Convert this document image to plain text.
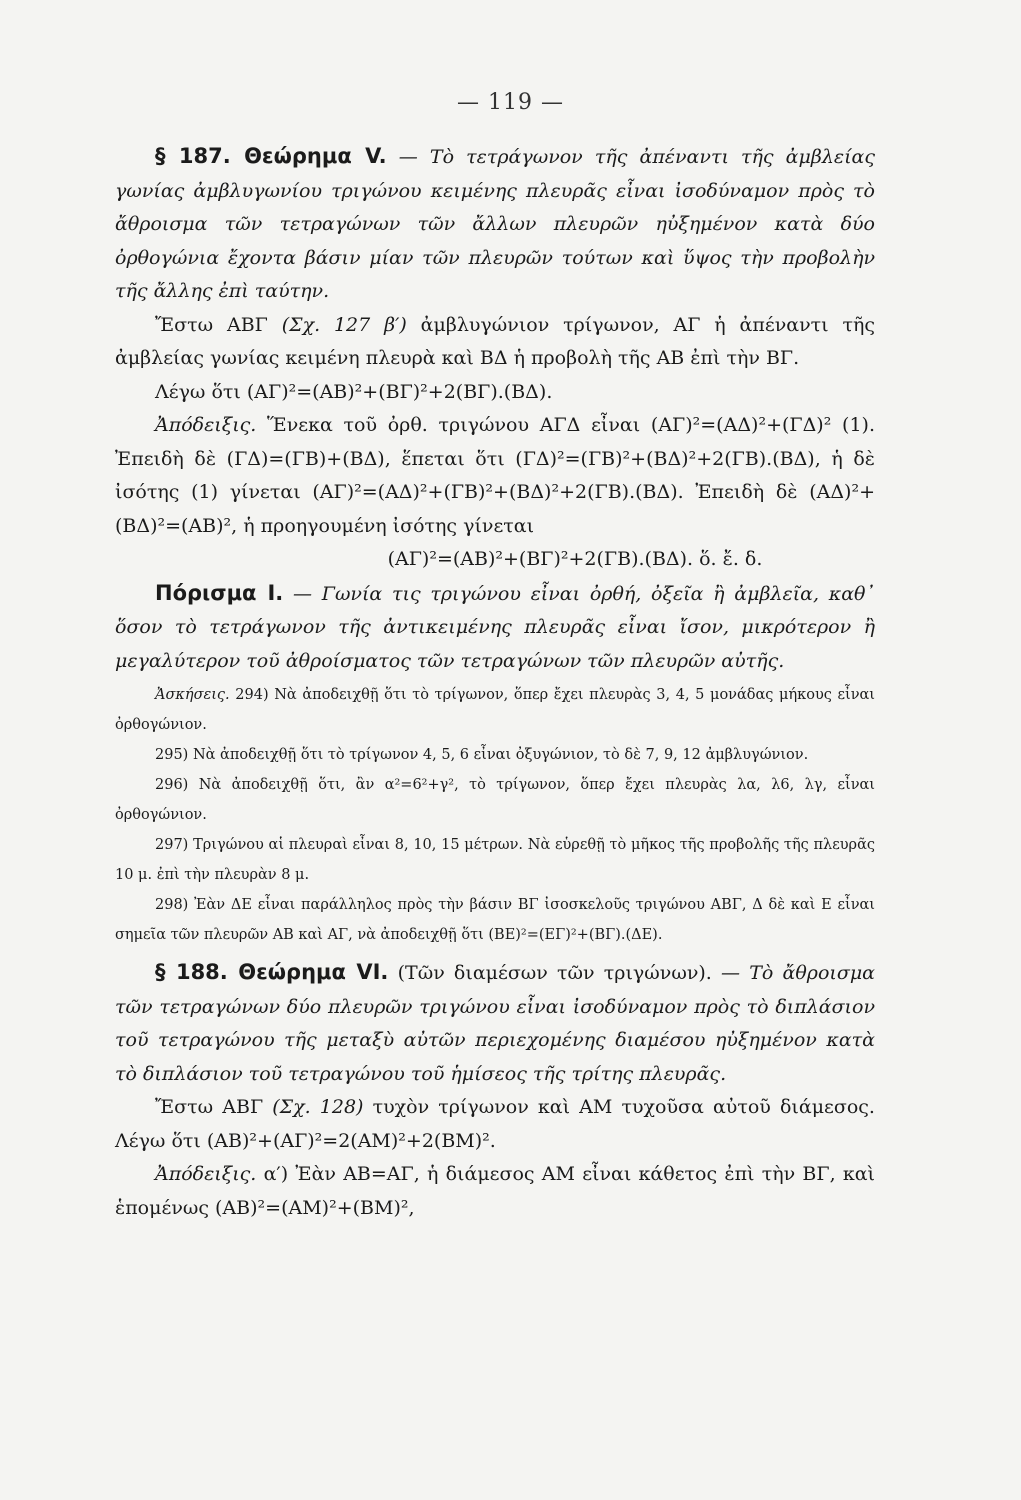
— 119 —

§ 187. Θεώρημα V. — Τὸ τετράγωνον τῆς ἀπέναντι τῆς ἀμβλείας γωνίας ἀμβλυγωνίου τριγώνου κειμένης πλευρᾶς εἶναι ἰσοδύναμον πρὸς τὸ ἄθροισμα τῶν τετραγώνων τῶν ἄλλων πλευρῶν ηὐξημένον κατὰ δύο ὀρθογώνια ἔχοντα βάσιν μίαν τῶν πλευρῶν τούτων καὶ ὕψος τὴν προβολὴν τῆς ἄλλης ἐπὶ ταύτην.

Ἔστω ΑΒΓ (Σχ. 127 β′) ἀμβλυγώνιον τρίγωνον, ΑΓ ἡ ἀπέναντι τῆς ἀμβλείας γωνίας κειμένη πλευρὰ καὶ ΒΔ ἡ προβολὴ τῆς ΑΒ ἐπὶ τὴν ΒΓ.

Λέγω ὅτι (ΑΓ)²=(ΑΒ)²+(ΒΓ)²+2(ΒΓ).(ΒΔ).

Ἀπόδειξις. Ἕνεκα τοῦ ὀρθ. τριγώνου ΑΓΔ εἶναι (ΑΓ)²=(ΑΔ)²+(ΓΔ)² (1). Ἐπειδὴ δὲ (ΓΔ)=(ΓΒ)+(ΒΔ), ἕπεται ὅτι (ΓΔ)²=(ΓΒ)²+(ΒΔ)²+2(ΓΒ).(ΒΔ), ἡ δὲ ἰσότης (1) γίνεται (ΑΓ)²=(ΑΔ)²+(ΓΒ)²+(ΒΔ)²+2(ΓΒ).(ΒΔ). Ἐπειδὴ δὲ (ΑΔ)²+(ΒΔ)²=(ΑΒ)², ἡ προηγουμένη ἰσότης γίνεται

(ΑΓ)²=(ΑΒ)²+(ΒΓ)²+2(ΓΒ).(ΒΔ). ὅ. ἔ. δ.

Πόρισμα I. — Γωνία τις τριγώνου εἶναι ὀρθή, ὀξεῖα ἢ ἀμβλεῖα, καθ᾽ ὅσον τὸ τετράγωνον τῆς ἀντικειμένης πλευρᾶς εἶναι ἴσον, μικρότερον ἢ μεγαλύτερον τοῦ ἀθροίσματος τῶν τετραγώνων τῶν πλευρῶν αὐτῆς.

Ἀσκήσεις. 294) Νὰ ἀποδειχθῇ ὅτι τὸ τρίγωνον, ὅπερ ἔχει πλευρὰς 3, 4, 5 μονάδας μήκους εἶναι ὀρθογώνιον.

295) Νὰ ἀποδειχθῇ ὅτι τὸ τρίγωνον 4, 5, 6 εἶναι ὀξυγώνιον, τὸ δὲ 7, 9, 12 ἀμβλυγώνιον.

296) Νὰ ἀποδειχθῇ ὅτι, ἂν α²=6²+γ², τὸ τρίγωνον, ὅπερ ἔχει πλευρὰς λα, λ6, λγ, εἶναι ὀρθογώνιον.

297) Τριγώνου αἱ πλευραὶ εἶναι 8, 10, 15 μέτρων. Νὰ εὑρεθῇ τὸ μῆκος τῆς προβολῆς τῆς πλευρᾶς 10 μ. ἐπὶ τὴν πλευρὰν 8 μ.

298) Ἐὰν ΔΕ εἶναι παράλληλος πρὸς τὴν βάσιν ΒΓ ἰσοσκελοῦς τριγώνου ΑΒΓ, Δ δὲ καὶ Ε εἶναι σημεῖα τῶν πλευρῶν ΑΒ καὶ ΑΓ, νὰ ἀποδειχθῇ ὅτι (ΒΕ)²=(ΕΓ)²+(ΒΓ).(ΔΕ).

§ 188. Θεώρημα VI. (Τῶν διαμέσων τῶν τριγώνων). — Τὸ ἄθροισμα τῶν τετραγώνων δύο πλευρῶν τριγώνου εἶναι ἰσοδύναμον πρὸς τὸ διπλάσιον τοῦ τετραγώνου τῆς μεταξὺ αὐτῶν περιεχομένης διαμέσου ηὐξημένον κατὰ τὸ διπλάσιον τοῦ τετραγώνου τοῦ ἡμίσεος τῆς τρίτης πλευρᾶς.

Ἔστω ΑΒΓ (Σχ. 128) τυχὸν τρίγωνον καὶ ΑΜ τυχοῦσα αὐτοῦ διάμεσος. Λέγω ὅτι (ΑΒ)²+(ΑΓ)²=2(ΑΜ)²+2(ΒΜ)².

Ἀπόδειξις. α′) Ἐὰν ΑΒ=ΑΓ, ἡ διάμεσος ΑΜ εἶναι κάθετος ἐπὶ τὴν ΒΓ, καὶ ἑπομένως (ΑΒ)²=(ΑΜ)²+(ΒΜ)²,
